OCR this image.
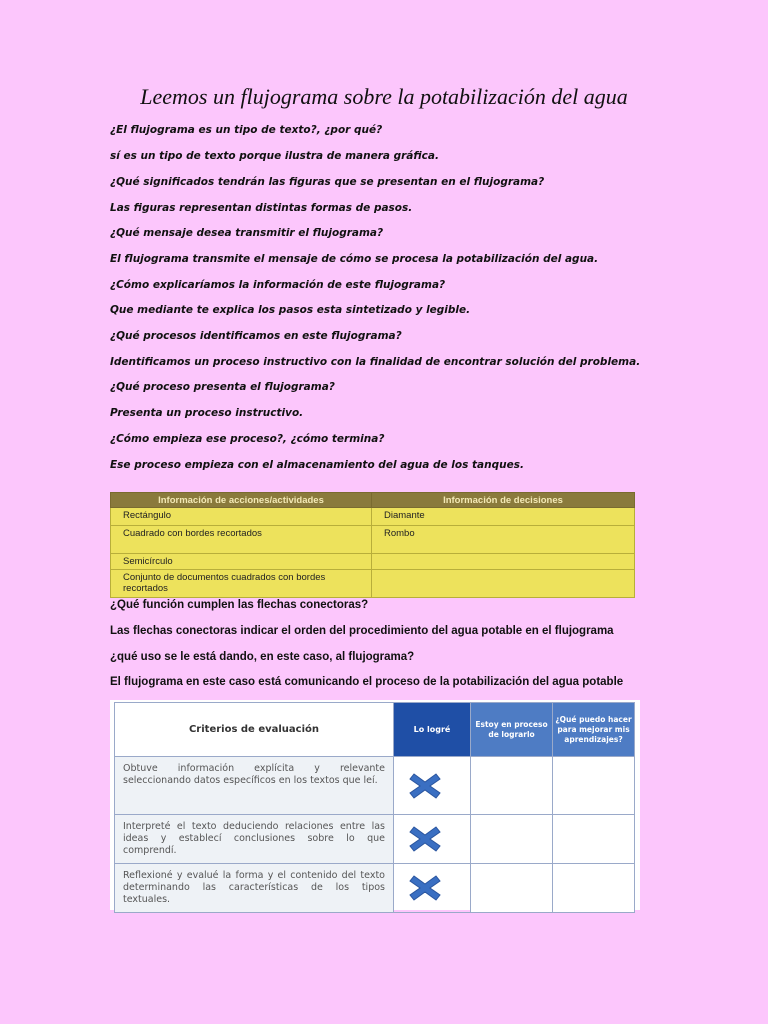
Leemos un flujograma sobre la potabilización del agua
¿El flujograma es un tipo de texto?, ¿por qué?
sí es un tipo de texto porque ilustra de manera gráfica.
¿Qué significados tendrán las figuras que se presentan en el flujograma?
Las figuras representan distintas formas de pasos.
¿Qué mensaje desea transmitir el flujograma?
El flujograma transmite el mensaje de cómo se procesa la potabilización del agua.
¿Cómo explicaríamos la información de este flujograma?
Que mediante te explica los pasos esta sintetizado y legible.
¿Qué procesos identificamos en este flujograma?
Identificamos un proceso instructivo con la finalidad de encontrar solución del problema.
¿Qué proceso presenta el flujograma?
Presenta un proceso instructivo.
¿Cómo empieza ese proceso?, ¿cómo termina?
Ese proceso empieza con el almacenamiento del agua de los tanques.
Información de acciones/actividades	Información de decisiones
Rectángulo	Diamante
Cuadrado con bordes recortados	Rombo
Semicírculo	
Conjunto de documentos cuadrados con bordes recortados	
¿Qué función cumplen las flechas conectoras?
Las flechas conectoras indicar el orden del procedimiento del agua potable en el flujograma
¿qué uso se le está dando, en este caso, al flujograma?
El flujograma en este caso está comunicando el proceso de la potabilización del agua potable
Criterios de evaluación	Lo logré	Estoy en proceso de lograrlo	¿Qué puedo hacer para mejorar mis aprendizajes?
Obtuve información explícita y relevante seleccionando datos específicos en los textos que leí.	

Interpreté el texto deduciendo relaciones entre las ideas y establecí conclusiones sobre lo que comprendí.	

Reflexioné y evalué la forma y el contenido del texto determinando las características de los tipos textuales.	
